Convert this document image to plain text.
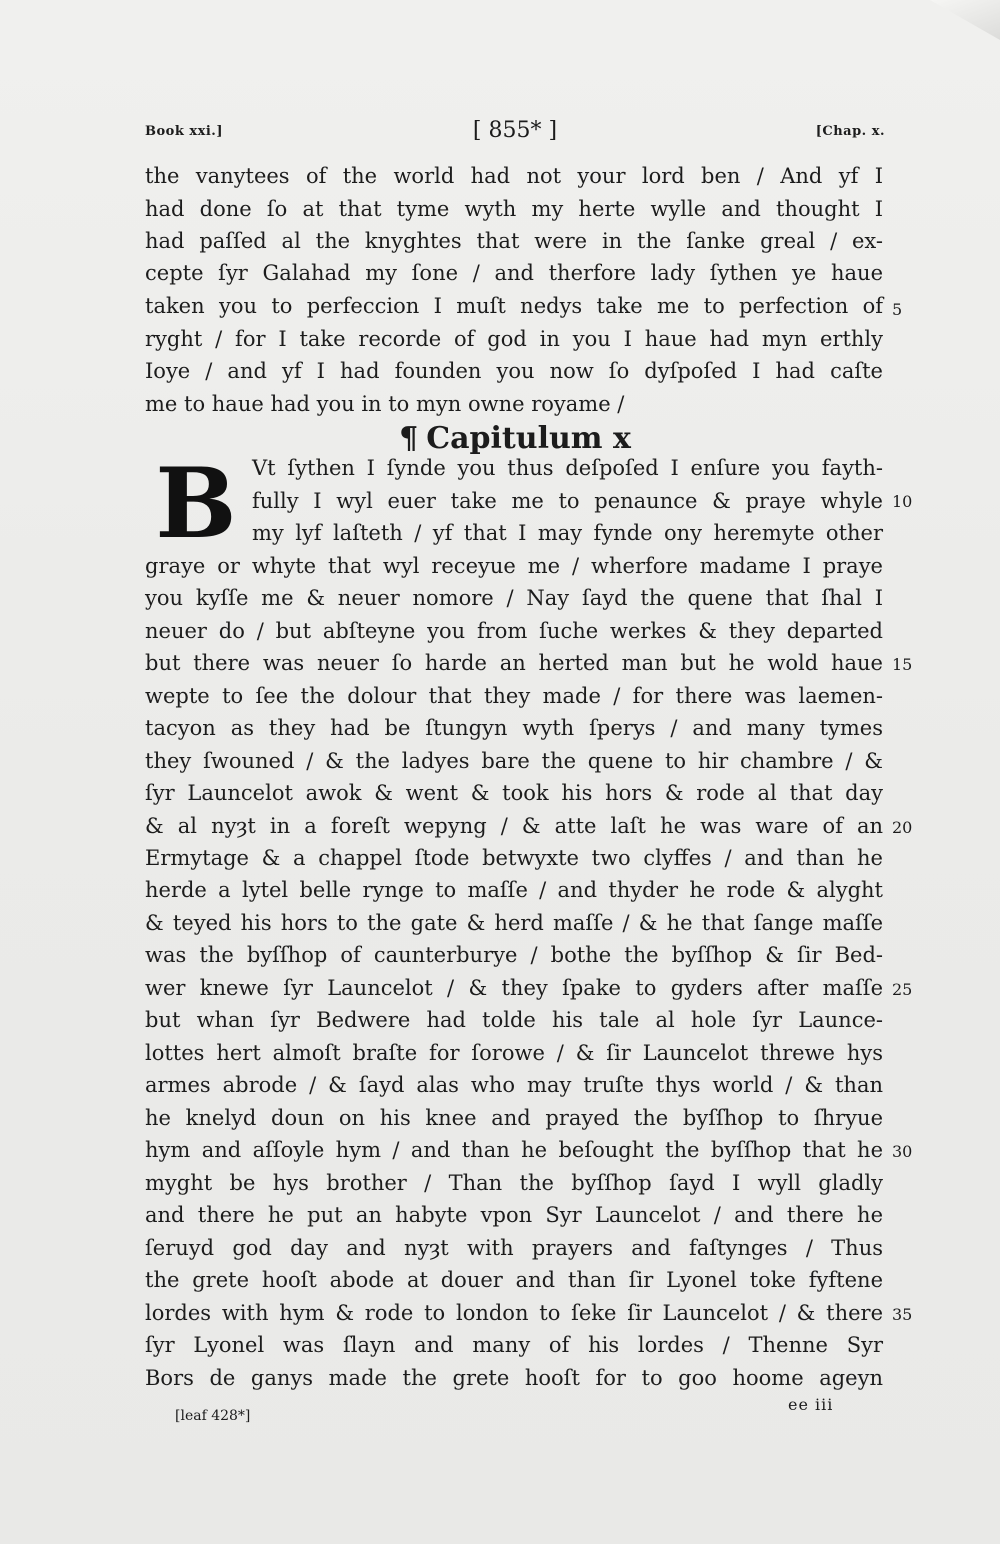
Book xxi.]	[ 855* ]	[Chap. x.
the vanytees of the world had not your lord ben / And yf I
had done ſo at that tyme wyth my herte wylle and thought I
had paſſed al the knyghtes that were in the ſanke greal / ex-
cepte ſyr Galahad my ſone / and therfore lady ſythen ye haue
taken you to perfeccion I muſt nedys take me to perfection of
ryght / for I take recorde of god in you I haue had myn erthly
Ioye / and yf I had founden you now ſo dyſpoſed I had caſte
me to haue had you in to myn owne royame /
¶ Capitulum x
B Vt ſythen I ſynde you thus deſpoſed I enſure you fayth-
fully I wyl euer take me to penaunce & praye whyle
my lyf laſteth / yf that I may fynde ony heremyte other
graye or whyte that wyl receyue me / wherfore madame I praye
you kyſſe me & neuer nomore / Nay ſayd the quene that ſhal I
neuer do / but abſteyne you from ſuche werkes & they departed
but there was neuer ſo harde an herted man but he wold haue
wepte to ſee the dolour that they made / for there was laemen-
tacyon as they had be ſtungyn wyth ſperys / and many tymes
they ſwouned / & the ladyes bare the quene to hir chambre / &
ſyr Launcelot awok & went & took his hors & rode al that day
& al nyȝt in a foreſt wepyng / & atte laſt he was ware of an
Ermytage & a chappel ſtode betwyxte two clyffes / and than he
herde a lytel belle rynge to maſſe / and thyder he rode & alyght
& teyed his hors to the gate & herd maſſe / & he that ſange maſſe
was the byſſhop of caunterburye / bothe the byſſhop & ſir Bed-
wer knewe ſyr Launcelot / & they ſpake to gyders after maſſe
but whan ſyr Bedwere had tolde his tale al hole ſyr Launce-
lottes hert almoſt braſte for ſorowe / & ſir Launcelot threwe hys
armes abrode / & ſayd alas who may truſte thys world / & than
he knelyd doun on his knee and prayed the byſſhop to ſhryue
hym and aſſoyle hym / and than he beſought the byſſhop that he
myght be hys brother / Than the byſſhop ſayd I wyll gladly
and there he put an habyte vpon Syr Launcelot / and there he
ſeruyd god day and nyȝt with prayers and faſtynges / Thus
the grete hooſt abode at douer and than ſir Lyonel toke fyftene
lordes with hym & rode to london to ſeke ſir Launcelot / & there
ſyr Lyonel was ſlayn and many of his lordes / Thenne Syr
Bors de ganys made the grete hooſt for to goo hoome ageyn
5
10
15
20
25
30
35
[leaf 428*]
ee iii
